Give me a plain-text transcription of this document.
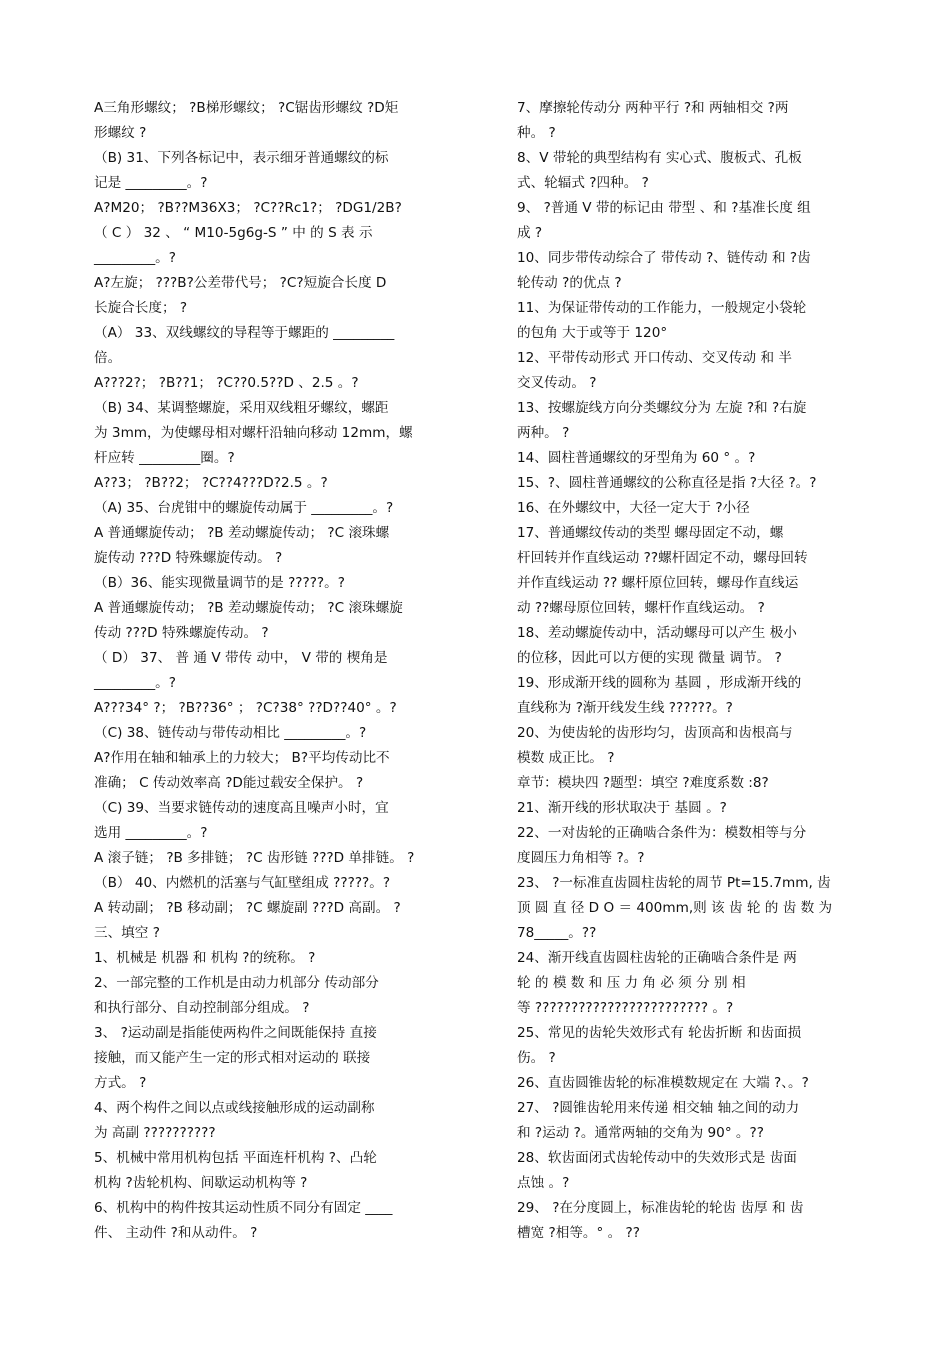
A三角形螺纹； ?B梯形螺纹； ?C锯齿形螺纹 ?D矩
形螺纹 ?
（B) 31、下列各标记中，表示细牙普通螺纹的标
记是 _________。?
A?M20； ?B??M36X3； ?C??Rc1?； ?DG1/2B?
（ C ） 32 、 “ M10-5g6g-S ” 中 的 S 表 示
_________。?
A?左旋； ???B?公差带代号； ?C?短旋合长度 D
长旋合长度； ?
（A） 33、双线螺纹的导程等于螺距的 _________
倍。
A???2?； ?B??1； ?C??0.5??D 、2.5 。?
（B) 34、某调整螺旋，采用双线粗牙螺纹，螺距
为 3mm，为使螺母相对螺杆沿轴向移动 12mm，螺
杆应转 _________圈。?
A??3； ?B??2； ?C??4???D?2.5 。?
（A) 35、台虎钳中的螺旋传动属于 _________。?
A 普通螺旋传动； ?B 差动螺旋传动； ?C 滚珠螺
旋传动 ???D 特殊螺旋传动。 ?
（B）36、能实现微量调节的是 ?????。?
A 普通螺旋传动； ?B 差动螺旋传动； ?C 滚珠螺旋
传动 ???D 特殊螺旋传动。 ?
（ D） 37、 普 通 V 带传 动中， V 带的 楔角是
_________。?
A???34° ?； ?B??36° ； ?C?38° ??D??40° 。?
（C) 38、链传动与带传动相比 _________。?
A?作用在轴和轴承上的力较大； B?平均传动比不
准确； C 传动效率高 ?D能过载安全保护。 ?
（C) 39、当要求链传动的速度高且噪声小时，宜
选用 _________。?
A 滚子链； ?B 多排链； ?C 齿形链 ???D 单排链。 ?
（B） 40、内燃机的活塞与气缸壁组成 ?????。?
A 转动副； ?B 移动副； ?C 螺旋副 ???D 高副。 ?
三、填空 ?
1、机械是 机器 和 机构 ?的统称。 ?
2、一部完整的工作机是由动力机部分 传动部分
和执行部分、自动控制部分组成。 ?
3、 ?运动副是指能使两构件之间既能保持 直接
接触，而又能产生一定的形式相对运动的 联接
方式。 ?
4、两个构件之间以点或线接触形成的运动副称
为 高副 ??????????
5、机械中常用机构包括 平面连杆机构 ?、凸轮
机构 ?齿轮机构、间歇运动机构等 ?
6、机构中的构件按其运动性质不同分有固定 ____
件、 主动件 ?和从动件。 ?
7、摩擦轮传动分 两种平行 ?和 两轴相交 ?两
种。 ?
8、V 带轮的典型结构有 实心式、腹板式、孔板
式、轮辐式 ?四种。 ?
9、 ?普通 V 带的标记由 带型 、和 ?基准长度 组
成 ?
10、同步带传动综合了 带传动 ?、链传动 和 ?齿
轮传动 ?的优点 ?
11、为保证带传动的工作能力，一般规定小袋轮
的包角 大于或等于 120°
12、平带传动形式 开口传动、交叉传动 和 半
交叉传动。 ?
13、按螺旋线方向分类螺纹分为 左旋 ?和 ?右旋
两种。 ?
14、圆柱普通螺纹的牙型角为 60 ° 。?
15、?、圆柱普通螺纹的公称直径是指 ?大径 ?。?
16、在外螺纹中，大径一定大于 ?小径
17、普通螺纹传动的类型 螺母固定不动，螺
杆回转并作直线运动 ??螺杆固定不动，螺母回转
并作直线运动 ?? 螺杆原位回转，螺母作直线运
动 ??螺母原位回转，螺杆作直线运动。 ?
18、差动螺旋传动中，活动螺母可以产生 极小
的位移，因此可以方便的实现 微量 调节。 ?
19、形成渐开线的圆称为 基圆 ，形成渐开线的
直线称为 ?渐开线发生线 ??????。?
20、为使齿轮的齿形均匀，齿顶高和齿根高与
模数 成正比。 ?
章节：模块四 ?题型：填空 ?难度系数 :8?
21、渐开线的形状取决于 基圆 。?
22、一对齿轮的正确啮合条件为：模数相等与分
度圆压力角相等 ?。?
23、 ?一标准直齿圆柱齿轮的周节 Pt=15.7mm, 齿
顶 圆 直 径 D O ＝ 400mm,则 该 齿 轮 的 齿 数 为
78_____。??
24、渐开线直齿圆柱齿轮的正确啮合条件是 两
轮 的 模 数 和 压 力 角 必 须 分 别 相
等 ???????????????????????? 。?
25、常见的齿轮失效形式有 轮齿折断 和齿面损
伤。 ?
26、直齿圆锥齿轮的标准模数规定在 大端 ?、。?
27、 ?圆锥齿轮用来传递 相交轴 轴之间的动力
和 ?运动 ?。通常两轴的交角为 90° 。??
28、软齿面闭式齿轮传动中的失效形式是 齿面
点蚀 。?
29、 ?在分度圆上，标准齿轮的轮齿 齿厚 和 齿
槽宽 ?相等。° 。 ??
